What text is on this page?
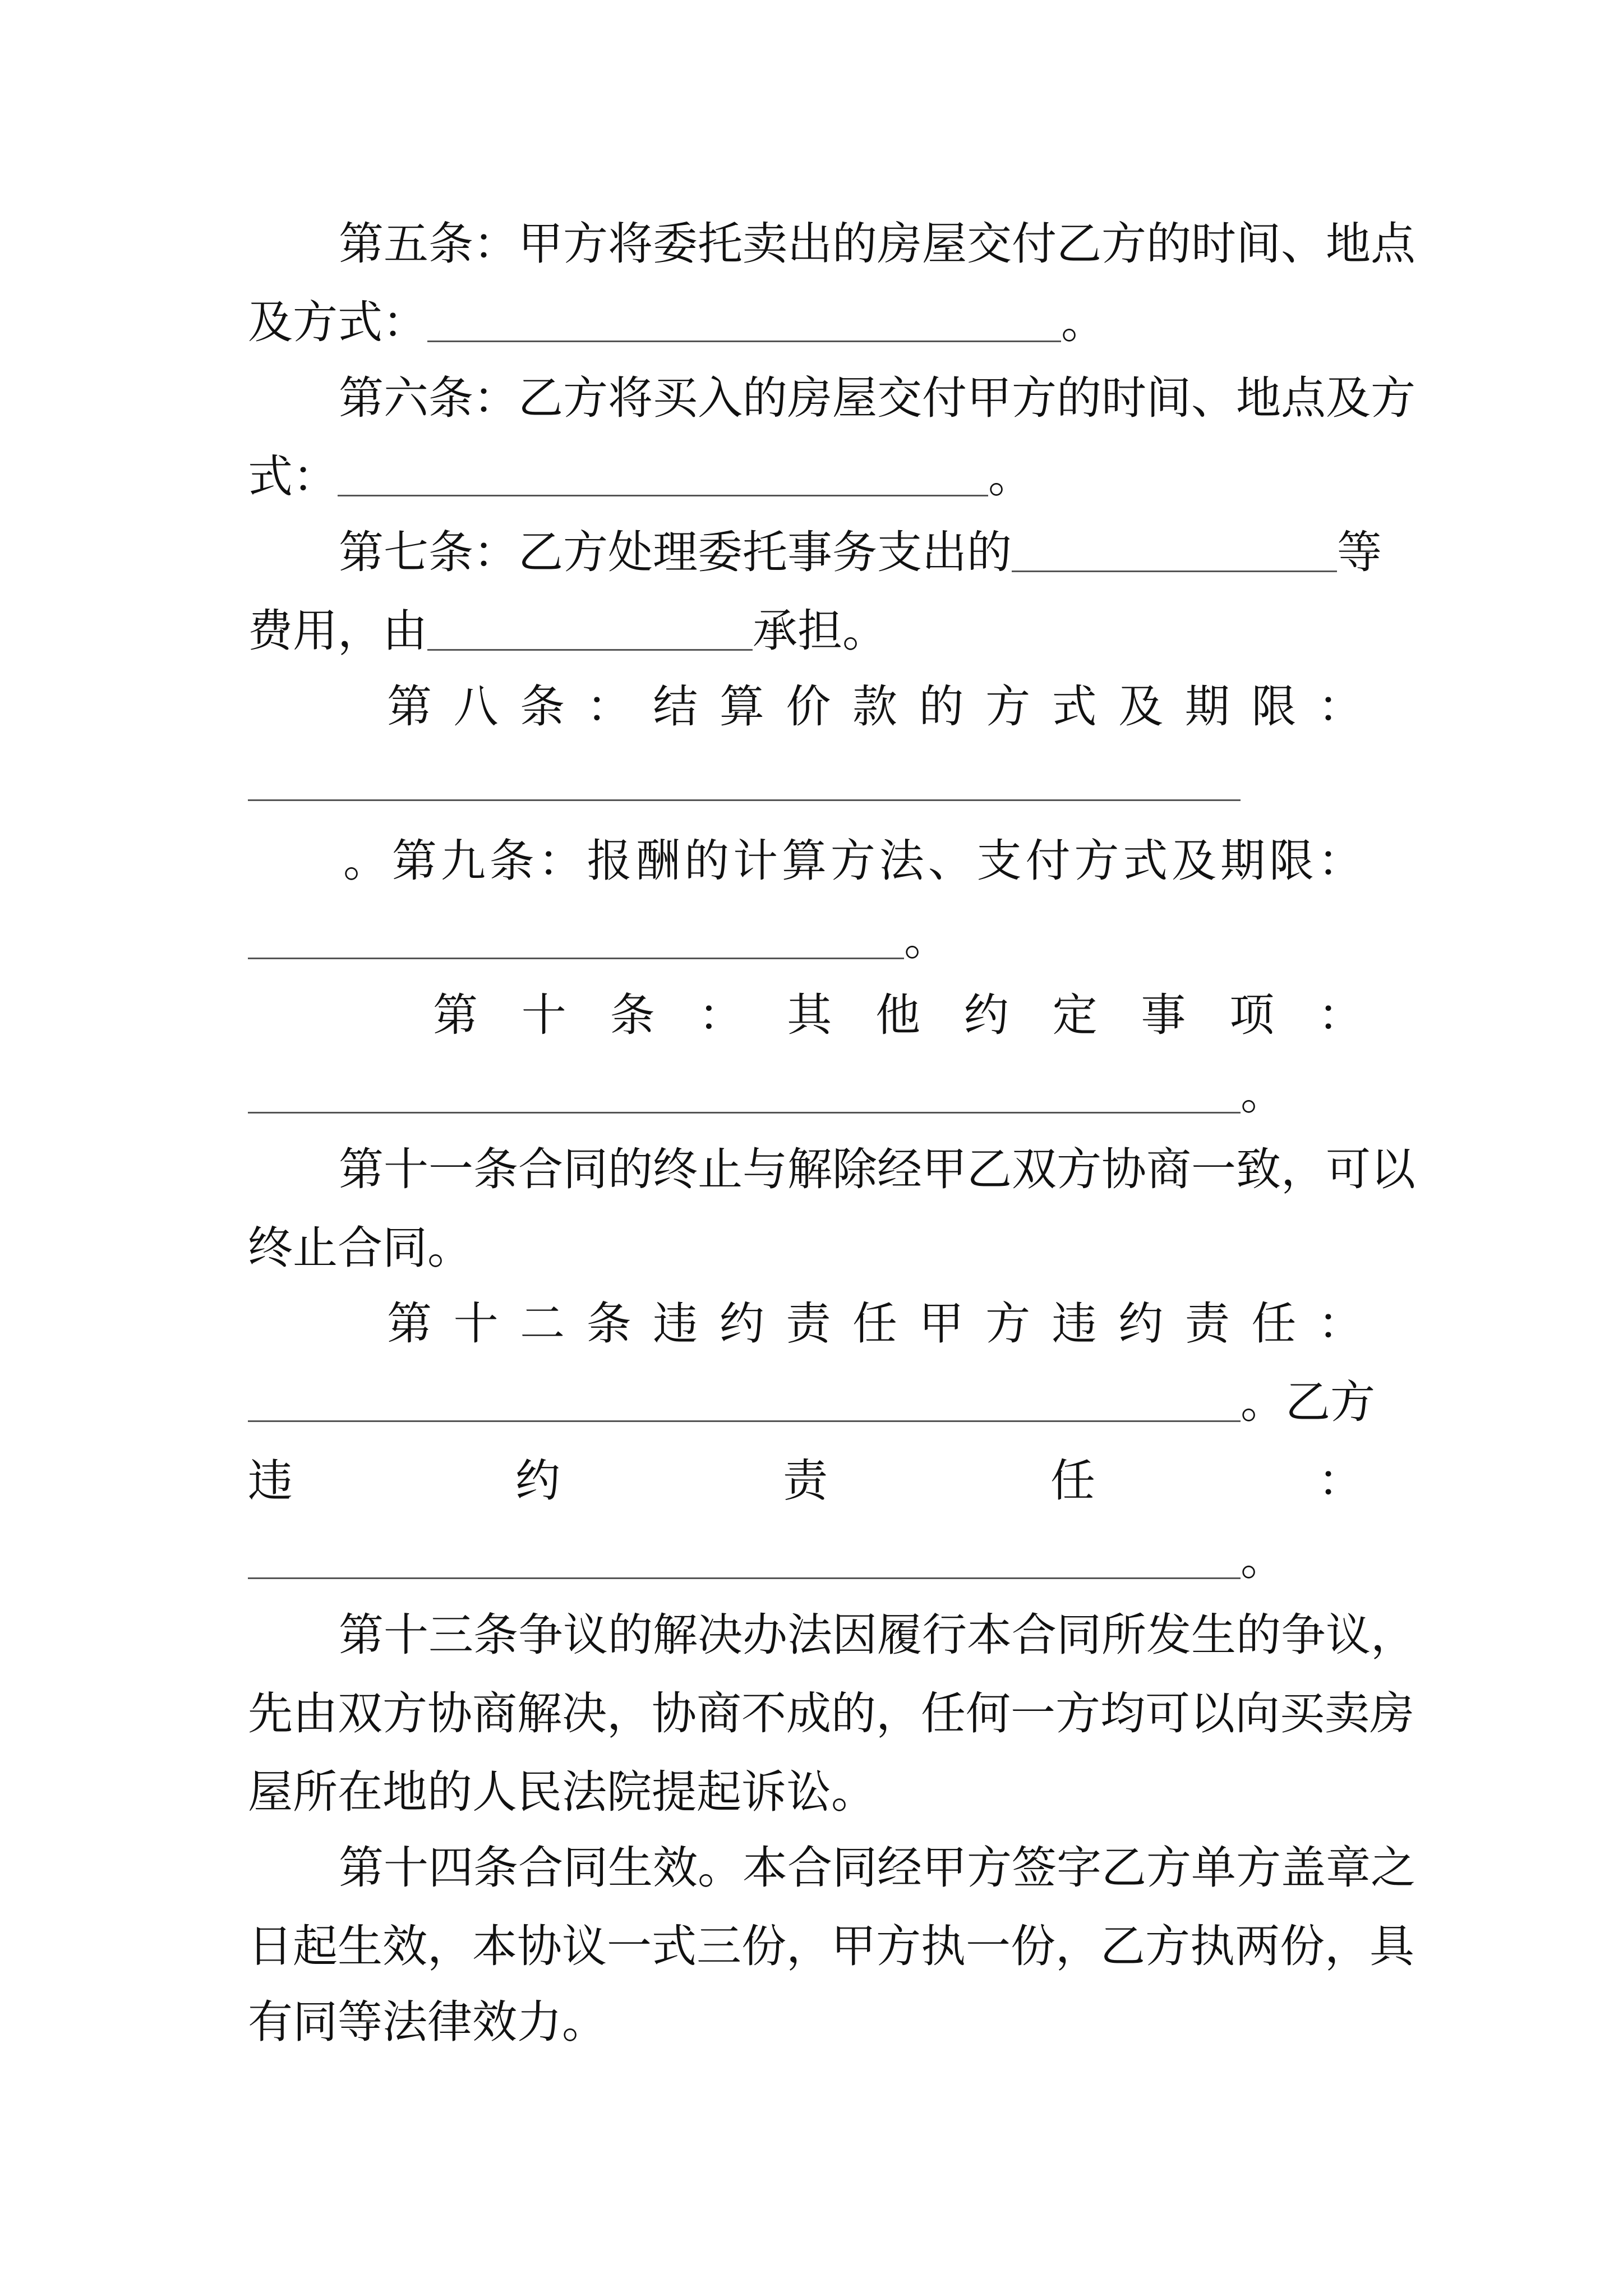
第五条：甲方将委托卖出的房屋交付乙方的时间、地点
及方式：	。
第六条：乙方将买入的房屋交付甲方的时间、地点及方
式：	。
第七条：乙方处理委托事务支出的	等
费用，由	承担。
第 八 条 ： 结 算 价 款 的 方 式 及 期 限 ：
。 第 九 条 ： 报 酬 的 计 算 方 法 、 支 付 方 式 及 期 限 ：
。
第 十 条 ： 其 他 约 定 事 项 ：
。
第十一条合同的终止与解除经甲乙双方协商一致，可以
终止合同。
第 十 二 条 违 约 责 任 甲 方 违 约 责 任 ：
。乙方
违	约	责	任	：
。
第十三条争议的解决办法因履行本合同所发生的争议，
先由双方协商解决，协商不成的，任何一方均可以向买卖房
屋所在地的人民法院提起诉讼。
第十四条合同生效。本合同经甲方签字乙方单方盖章之
日起生效，本协议一式三份，甲方执一份，乙方执两份，具
有同等法律效力。
